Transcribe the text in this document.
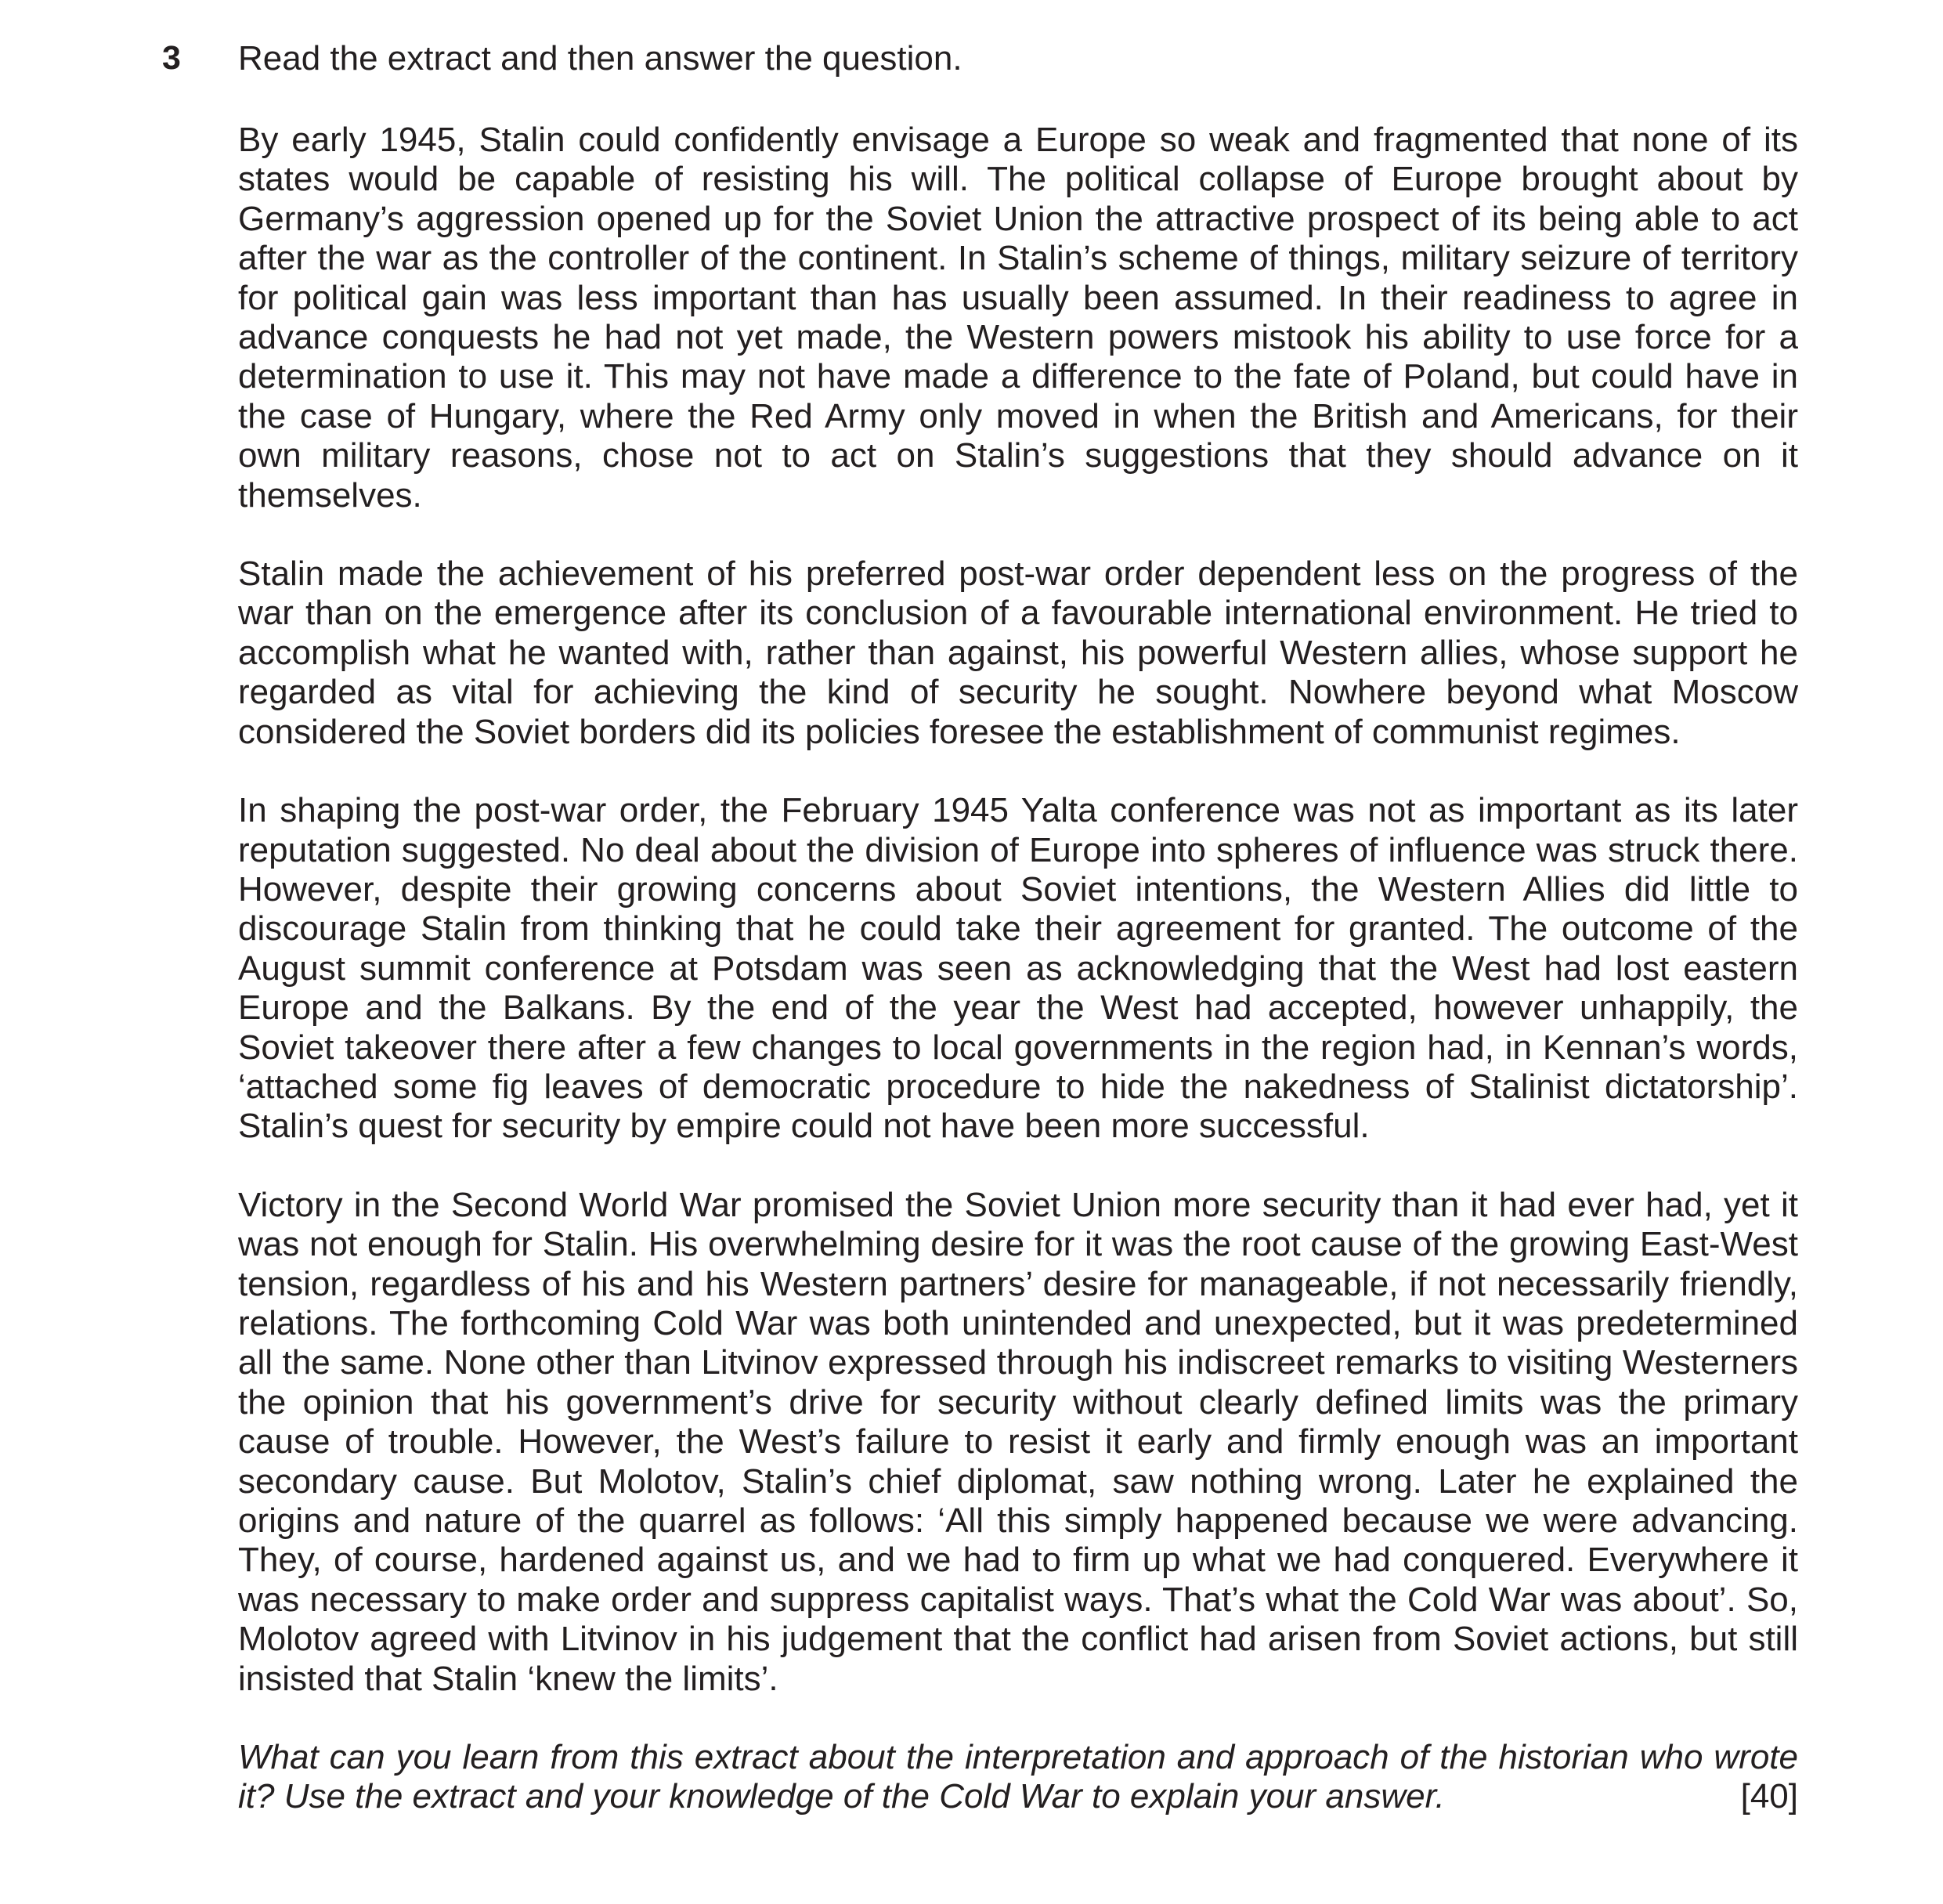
3 Read the extract and then answer the question.

By early 1945, Stalin could confidently envisage a Europe so weak and fragmented that none of its states would be capable of resisting his will. The political collapse of Europe brought about by Germany’s aggression opened up for the Soviet Union the attractive prospect of its being able to act after the war as the controller of the continent. In Stalin’s scheme of things, military seizure of territory for political gain was less important than has usually been assumed. In their readiness to agree in advance conquests he had not yet made, the Western powers mistook his ability to use force for a determination to use it. This may not have made a difference to the fate of Poland, but could have in the case of Hungary, where the Red Army only moved in when the British and Americans, for their own military reasons, chose not to act on Stalin’s suggestions that they should advance on it themselves.

Stalin made the achievement of his preferred post-war order dependent less on the progress of the war than on the emergence after its conclusion of a favourable international environment. He tried to accomplish what he wanted with, rather than against, his powerful Western allies, whose support he regarded as vital for achieving the kind of security he sought. Nowhere beyond what Moscow considered the Soviet borders did its policies foresee the establishment of communist regimes.

In shaping the post-war order, the February 1945 Yalta conference was not as important as its later reputation suggested. No deal about the division of Europe into spheres of influence was struck there. However, despite their growing concerns about Soviet intentions, the Western Allies did little to discourage Stalin from thinking that he could take their agreement for granted. The outcome of the August summit conference at Potsdam was seen as acknowledging that the West had lost eastern Europe and the Balkans. By the end of the year the West had accepted, however unhappily, the Soviet takeover there after a few changes to local governments in the region had, in Kennan’s words, ‘attached some fig leaves of democratic procedure to hide the nakedness of Stalinist dictatorship’. Stalin’s quest for security by empire could not have been more successful.

Victory in the Second World War promised the Soviet Union more security than it had ever had, yet it was not enough for Stalin. His overwhelming desire for it was the root cause of the growing East-West tension, regardless of his and his Western partners’ desire for manageable, if not necessarily friendly, relations. The forthcoming Cold War was both unintended and unexpected, but it was predetermined all the same. None other than Litvinov expressed through his indiscreet remarks to visiting Westerners the opinion that his government’s drive for security without clearly defined limits was the primary cause of trouble. However, the West’s failure to resist it early and firmly enough was an important secondary cause. But Molotov, Stalin’s chief diplomat, saw nothing wrong. Later he explained the origins and nature of the quarrel as follows: ‘All this simply happened because we were advancing. They, of course, hardened against us, and we had to firm up what we had conquered. Everywhere it was necessary to make order and suppress capitalist ways. That’s what the Cold War was about’. So, Molotov agreed with Litvinov in his judgement that the conflict had arisen from Soviet actions, but still insisted that Stalin ‘knew the limits’.

What can you learn from this extract about the interpretation and approach of the historian who wrote it? Use the extract and your knowledge of the Cold War to explain your answer.	[40]
